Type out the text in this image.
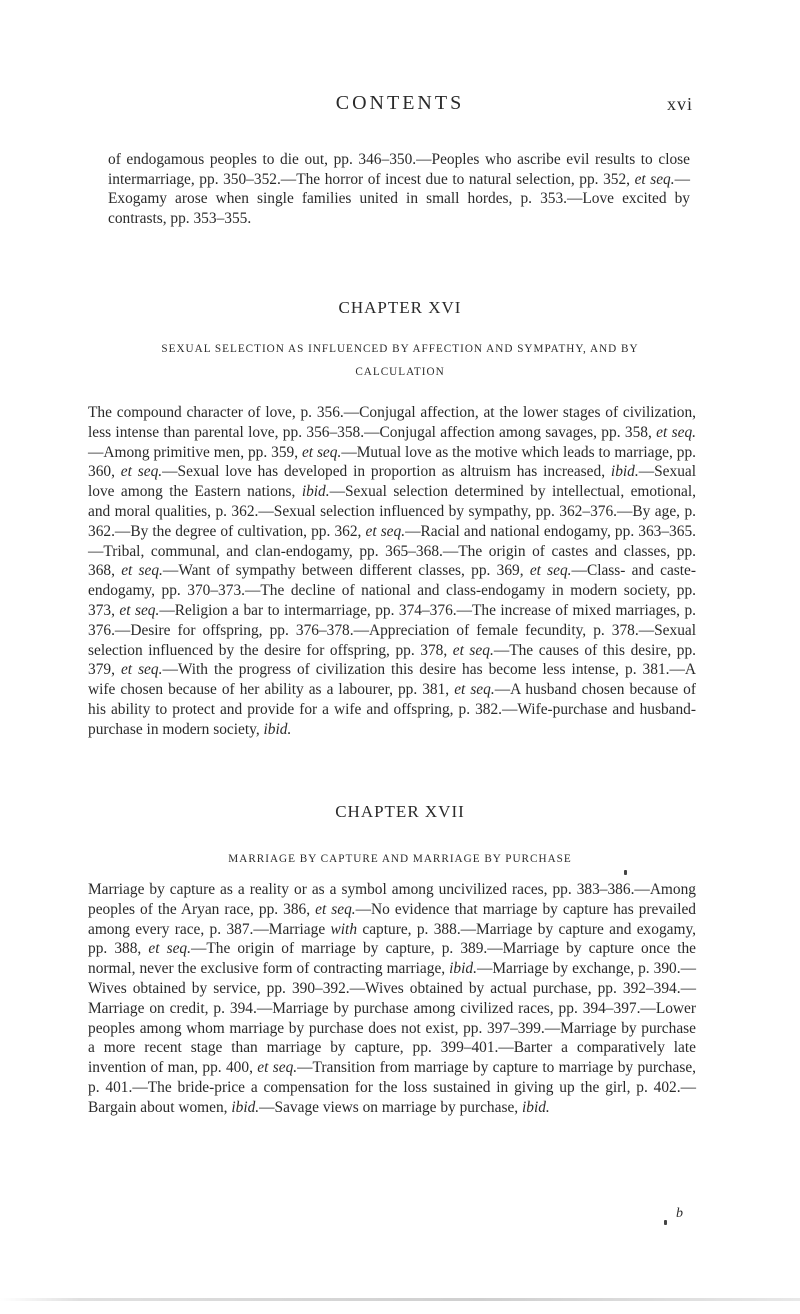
CONTENTS	xvi

of endogamous peoples to die out, pp. 346–350.—Peoples who ascribe evil results to close intermarriage, pp. 350–352.—The horror of incest due to natural selection, pp. 352, et seq.—Exogamy arose when single families united in small hordes, p. 353.—Love excited by contrasts, pp. 353–355.

CHAPTER XVI
SEXUAL SELECTION AS INFLUENCED BY AFFECTION AND SYMPATHY, AND BY
CALCULATION

The compound character of love, p. 356.—Conjugal affection, at the lower stages of civilization, less intense than parental love, pp. 356–358.—Conjugal affection among savages, pp. 358, et seq.—Among primitive men, pp. 359, et seq.—Mutual love as the motive which leads to marriage, pp. 360, et seq.—Sexual love has developed in proportion as altruism has increased, ibid.—Sexual love among the Eastern nations, ibid.—Sexual selection determined by intellectual, emotional, and moral qualities, p. 362.—Sexual selection influenced by sympathy, pp. 362–376.—By age, p. 362.—By the degree of cultivation, pp. 362, et seq.—Racial and national endogamy, pp. 363–365.—Tribal, communal, and clan-endogamy, pp. 365–368.—The origin of castes and classes, pp. 368, et seq.—Want of sympathy between different classes, pp. 369, et seq.—Class- and caste-endogamy, pp. 370–373.—The decline of national and class-endogamy in modern society, pp. 373, et seq.—Religion a bar to intermarriage, pp. 374–376.—The increase of mixed marriages, p. 376.—Desire for offspring, pp. 376–378.—Appreciation of female fecundity, p. 378.—Sexual selection influenced by the desire for offspring, pp. 378, et seq.—The causes of this desire, pp. 379, et seq.—With the progress of civilization this desire has become less intense, p. 381.—A wife chosen because of her ability as a labourer, pp. 381, et seq.—A husband chosen because of his ability to protect and provide for a wife and offspring, p. 382.—Wife-purchase and husband-purchase in modern society, ibid.

CHAPTER XVII
MARRIAGE BY CAPTURE AND MARRIAGE BY PURCHASE

Marriage by capture as a reality or as a symbol among uncivilized races, pp. 383–386.—Among peoples of the Aryan race, pp. 386, et seq.—No evidence that marriage by capture has prevailed among every race, p. 387.—Marriage with capture, p. 388.—Marriage by capture and exogamy, pp. 388, et seq.—The origin of marriage by capture, p. 389.—Marriage by capture once the normal, never the exclusive form of contracting marriage, ibid.—Marriage by exchange, p. 390.—Wives obtained by service, pp. 390–392.—Wives obtained by actual purchase, pp. 392–394.—Marriage on credit, p. 394.—Marriage by purchase among civilized races, pp. 394–397.—Lower peoples among whom marriage by purchase does not exist, pp. 397–399.—Marriage by purchase a more recent stage than marriage by capture, pp. 399–401.—Barter a comparatively late invention of man, pp. 400, et seq.—Transition from marriage by capture to marriage by purchase, p. 401.—The bride-price a compensation for the loss sustained in giving up the girl, p. 402.—Bargain about women, ibid.—Savage views on marriage by purchase, ibid.

b
